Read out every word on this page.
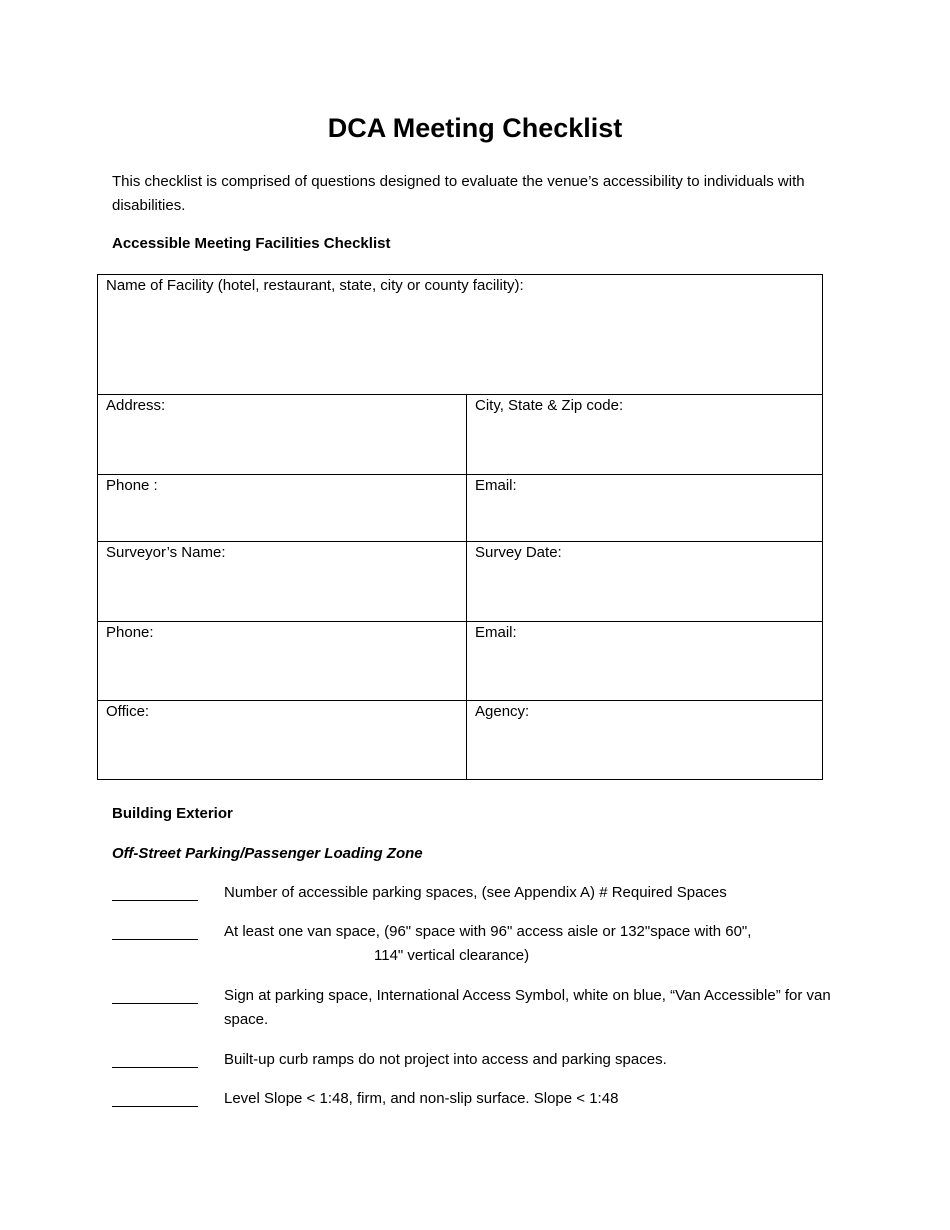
DCA Meeting Checklist

This checklist is comprised of questions designed to evaluate the venue’s accessibility to individuals with disabilities.

Accessible Meeting Facilities Checklist

Name of Facility (hotel, restaurant, state, city or county facility):	
Address:	City, State & Zip code:
Phone :	Email:
Surveyor’s Name:	Survey Date:
Phone:	Email:
Office:	Agency:

Building Exterior

Off-Street Parking/Passenger Loading Zone

Number of accessible parking spaces, (see Appendix A) # Required Spaces
At least one van space, (96" space with 96" access aisle or 132"space with 60",
114" vertical clearance)
Sign at parking space, International Access Symbol, white on blue, “Van Accessible” for van space.
Built-up curb ramps do not project into access and parking spaces.
Level Slope < 1:48, firm, and non-slip surface. Slope < 1:48
